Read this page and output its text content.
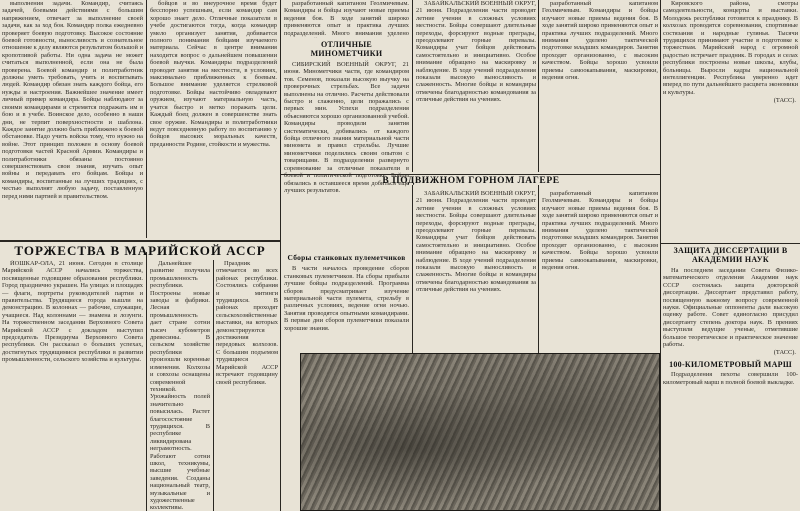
выполнения задачи. Командир, считаясь задачей, боевыми действиями с большим напряжением, отвечает за выполнение своей задачи, как за ход боя. Командир полка ежедневно проверяет боевую подготовку. Высокое состояние боевой готовности, выносливость и сознательное отношение к делу являются результатом большой и кропотливой работы. Ни одна задача не может считаться выполненной, если она не была проверена. Боевой командир и политработник должны уметь требовать, учить и воспитывать людей. Командир обязан знать каждого бойца, его нужды и настроения. Важнейшее значение имеет личный пример командира. Бойцы наблюдают за своими командирами и стремятся подражать им в бою и в учебе. Воинское дело, особенно в наши дни, не терпит поверхностности и шаблона. Каждое занятие должно быть приближено к боевой обстановке. Надо учить войска тому, что нужно на войне. Этот принцип положен в основу боевой подготовки частей Красной Армии. Командиры и политработники обязаны постоянно совершенствовать свои знания, изучать опыт войны и передавать его бойцам. Бойцы и командиры, воспитанные на лучших традициях, с честью выполнят любую задачу, поставленную перед ними партией и правительством.

бойцов и во внеурочное время будет бесспорно успешным, если командир сам хорошо знает дело. Отличные показатели в учебе достигаются тогда, когда командир умело организует занятия, добивается полного понимания бойцами изучаемого материала. Сейчас в центре внимания находится вопрос о дальнейшем повышении боевой выучки. Командиры подразделений проводят занятия на местности, в условиях, максимально приближенных к боевым. Большое внимание уделяется стрелковой подготовке. Бойцы настойчиво овладевают оружием, изучают материальную часть, учатся быстро и метко поражать цели. Каждый боец должен в совершенстве знать свое оружие. Командиры и политработники ведут повседневную работу по воспитанию у бойцов высоких моральных качеств, преданности Родине, стойкости и мужества.

ОТЛИЧНЫЕ МИНОМЕТЧИКИ

СИБИРСКИЙ ВОЕННЫЙ ОКРУГ, 21 июня. Минометчики части, где командиром тов. Семенов, показали высокую выучку на проверочных стрельбах. Все задачи выполнены на отлично. Расчеты действовали быстро и слаженно, цели поражались с первых мин. Успехи подразделения объясняются хорошо организованной учебой. Командиры проводили занятия систематически, добивались от каждого бойца отличного знания материальной части миномета и правил стрельбы. Лучшие минометчики поделились своим опытом с товарищами. В подразделении развернуто соревнование за отличные показатели в боевой и политической подготовке. Бойцы обязались в оставшееся время добиться еще лучших результатов.

разработанный капитаном Геолмичевым. Командиры и бойцы изучают новые приемы ведения боя. В ходе занятий широко применяются опыт и практика лучших подразделений. Много внимания уделено

Сборы станковых пулеметчиков

В части началось проведение сборов станковых пулеметчиков. На сборы прибыли лучшие бойцы подразделений. Программа сборов предусматривает изучение материальной части пулемета, стрельбу в различных условиях, ведение огня ночью. Занятия проводятся опытными командирами. В первые дни сборов пулеметчики показали хорошие знания.

ЗАБАЙКАЛЬСКИЙ ВОЕННЫЙ ОКРУГ, 21 июня. Подразделения части проводят летние учения в сложных условиях местности. Бойцы совершают длительные переходы, форсируют водные преграды, преодолевают горные перевалы. Командиры учат бойцов действовать самостоятельно и инициативно. Особое внимание обращено на маскировку и наблюдение. В ходе учений подразделения показали высокую выносливость и слаженность. Многие бойцы и командиры отмечены благодарностью командования за отличные действия на учениях.

разработанный капитаном Геолмичевым. Командиры и бойцы изучают новые приемы ведения боя. В ходе занятий широко применяются опыт и практика лучших подразделений. Много внимания уделено тактической подготовке младших командиров. Занятия проходят организованно, с высоким качеством. Бойцы хорошо усвоили приемы самоокапывания, маскировки, ведения огня.

В ПОДВИЖНОМ ГОРНОМ ЛАГЕРЕ

ЗАБАЙКАЛЬСКИЙ ВОЕННЫЙ ОКРУГ, 21 июня. Подразделения части проводят летние учения в сложных условиях местности. Бойцы совершают длительные переходы, форсируют водные преграды, преодолевают горные перевалы. Командиры учат бойцов действовать самостоятельно и инициативно. Особое внимание обращено на маскировку и наблюдение. В ходе учений подразделения показали высокую выносливость и слаженность. Многие бойцы и командиры отмечены благодарностью командования за отличные действия на учениях.

разработанный капитаном Геолмичевым. Командиры и бойцы изучают новые приемы ведения боя. В ходе занятий широко применяются опыт и практика лучших подразделений. Много внимания уделено тактической подготовке младших командиров. Занятия проходят организованно, с высоким качеством. Бойцы хорошо усвоили приемы самоокапывания, маскировки, ведения огня.

Кировского района, смотры самодеятельности, концерты и выставки. Молодежь республики готовится к празднику. В колхозах проводятся соревнования, спортивные состязания и народные гулянья. Тысячи трудящихся принимают участие в подготовке к торжествам. Марийский народ с огромной радостью встречает праздник. В городах и селах республики построены новые школы, клубы, больницы. Выросли кадры национальной интеллигенции. Республика уверенно идет вперед по пути дальнейшего расцвета экономики и культуры.

(ТАСС).
ЗАЩИТА ДИССЕРТАЦИИ В АКАДЕМИИ НАУК

На последнем заседании Совета Физико-математического отделения Академии наук СССР состоялась защита докторской диссертации. Диссертант представил работу, посвященную важному вопросу современной науки. Официальные оппоненты дали высокую оценку работе. Совет единогласно присудил диссертанту степень доктора наук. В прениях выступили ведущие ученые, отметившие большое теоретическое и практическое значение работы.

(ТАСС).
100-КИЛОМЕТРОВЫЙ МАРШ

Подразделения пехоты совершили 100-километровый марш в полной боевой выкладке.

ТОРЖЕСТВА В МАРИЙСКОЙ АССР

ЙОШКАР-ОЛА, 21 июня. Сегодня в столице Марийской АССР начались торжества, посвященные годовщине образования республики. Город празднично украшен. На улицах и площадях — флаги, портреты руководителей партии и правительства. Трудящиеся города вышли на демонстрацию. В колоннах — рабочие, служащие, учащиеся. Над колоннами — знамена и лозунги. На торжественном заседании Верховного Совета Марийской АССР с докладом выступил председатель Президиума Верховного Совета республики. Он рассказал о больших успехах, достигнутых трудящимися республики в развитии промышленности, сельского хозяйства и культуры.

Дальнейшее развитие получила промышленность республики. Построены новые заводы и фабрики. Лесная промышленность дает стране сотни тысяч кубометров древесины. В сельском хозяйстве республики произошли коренные изменения. Колхозы и совхозы оснащены современной техникой. Урожайность полей значительно повысилась. Растет благосостояние трудящихся. В республике ликвидирована неграмотность. Работают сотни школ, техникумы, высшие учебные заведения. Созданы национальный театр, музыкальные и художественные коллективы.

Праздник отмечается во всех районах республики. Состоялись собрания и митинги трудящихся. В районах проходят сельскохозяйственные выставки, на которых демонстрируются достижения передовых колхозов. С большим подъемом трудящиеся Марийской АССР встречают годовщину своей республики.
